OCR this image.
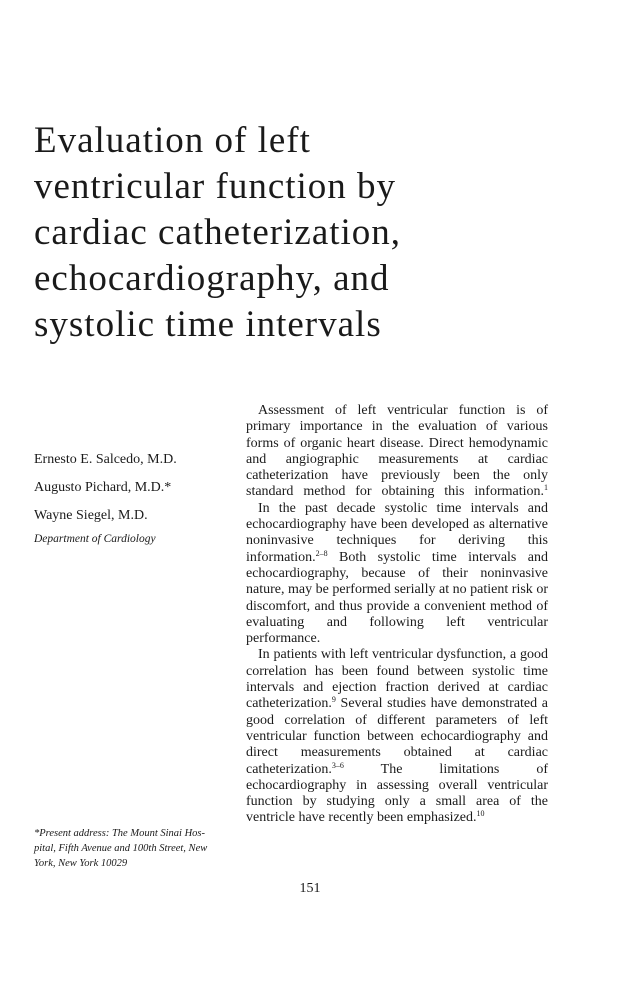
Evaluation of left
ventricular function by
cardiac catheterization,
echocardiography, and
systolic time intervals

Ernesto E. Salcedo, M.D.

Augusto Pichard, M.D.*

Wayne Siegel, M.D.

Department of Cardiology

*Present address: The Mount Sinai Hos-
pital, Fifth Avenue and 100th Street, New
York, New York 10029

Assessment of left ventricular function is of primary importance in the evaluation of various forms of organic heart disease. Direct hemodynamic and angiographic measurements at cardiac catheterization have previously been the only standard method for obtaining this information.$^1$

In the past decade systolic time intervals and echocardiography have been developed as alternative noninvasive techniques for deriving this information.$^{2-8}$ Both systolic time intervals and echocardiography, because of their noninvasive nature, may be performed serially at no patient risk or discomfort, and thus provide a convenient method of evaluating and following left ventricular performance.

In patients with left ventricular dysfunction, a good correlation has been found between systolic time intervals and ejection fraction derived at cardiac catheterization.$^9$ Several studies have demonstrated a good correlation of different parameters of left ventricular function between echocardiography and direct measurements obtained at cardiac catheterization.$^{3-6}$ The limitations of echocardiography in assessing overall ventricular function by studying only a small area of the ventricle have recently been emphasized.$^{10}$

151
